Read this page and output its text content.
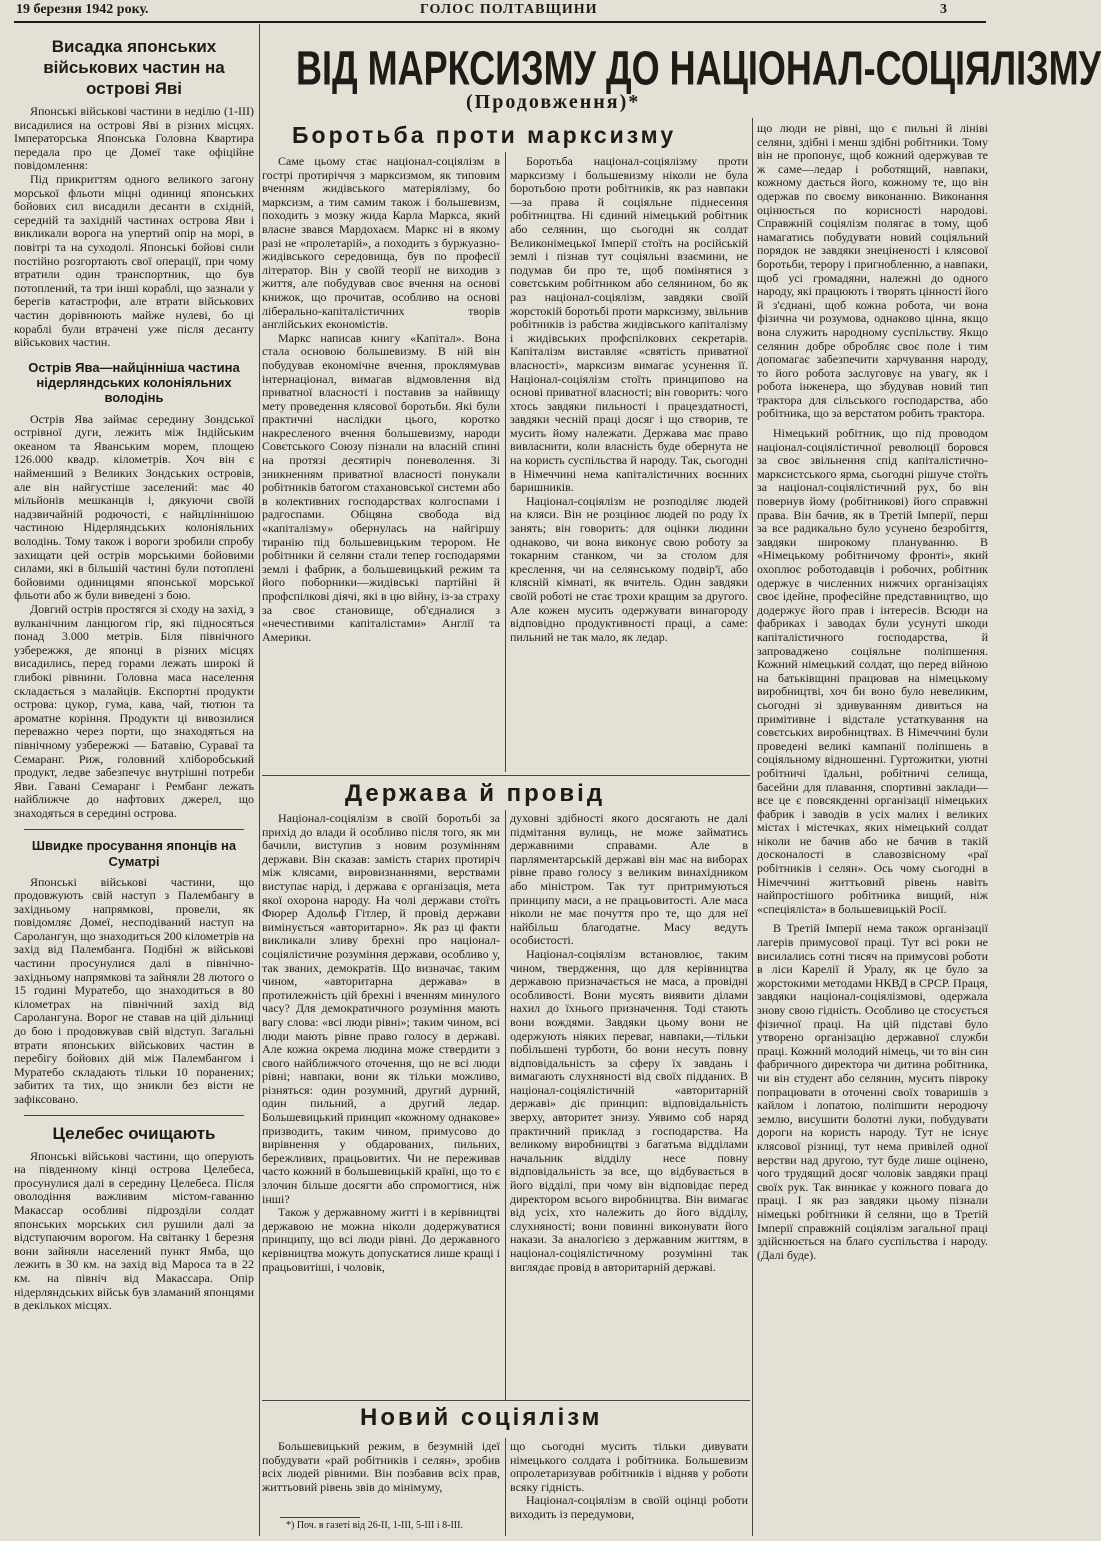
19 березня 1942 року.	ГОЛОС ПОЛТАВЩИНИ	3
Висадка японських військових частин на острові Яві

Японські військові частини в неділю (1-ІІІ) висадилися на острові Яві в різних місцях. Імператорська Японська Головна Квартира передала про це Домеї таке офіційне повідомлення:

Під прикриттям одного великого загону морської фльоти міцні одиниці японських бойових сил висадили десанти в східній, середній та західній частинах острова Яви і викликали ворога на упертий опір на морі, в повітрі та на суходолі. Японські бойові сили постійно розгортають свої операції, при чому втратили один транспортник, що був потоплений, та три інші кораблі, що зазнали у берегів катастрофи, але втрати військових частин дорівнюють майже нулеві, бо ці кораблі були втрачені уже після десанту військових частин.

Острів Ява—найцінніша частина нідерляндських колоніяльних володінь

Острів Ява займає середину Зондської острівної дуги, лежить між Індійським океаном та Яванським морем, площею 126.000 квадр. кілометрів. Хоч він є найменший з Великих Зондських островів, але він найгустіше заселений: має 40 мільйонів мешканців і, дякуючи своїй надзвичайній родючості, є найцліннішою частиною Нідерляндських колоніяльних володінь. Тому також і вороги зробили спробу захищати цей острів морськими бойовими силами, які в більшій частині були потоплені бойовими одиницями японської морської фльоти або ж були виведені з бою.

Довгий острів простягся зі сходу на захід, з вулканічним ланцюгом гір, які підносяться понад 3.000 метрів. Біля північного узбережжя, де японці в різних місцях висадились, перед горами лежать широкі й глибокі рівнини. Головна маса населення складається з малайців. Експортні продукти острова: цукор, гума, кава, чай, тютюн та ароматне коріння. Продукти ці вивозилися переважно через порти, що знаходяться на північному узбережжі — Батавію, Сураваї та Семаранг. Риж, головний хліборобський продукт, ледве забезпечує внутрішні потреби Яви. Гавані Семаранг і Рембанг лежать найближче до нафтових джерел, що знаходяться в середині острова.

Швидке просування японців на Суматрі

Японські військові частини, що продовжують свій наступ з Палембангу в західньому напрямкові, провели, як повідомляє Домеї, несподіваний наступ на Саролангун, що знаходиться 200 кілометрів на захід від Палембанга. Подібні ж військові частини просунулися далі в північно-західньому напрямкові та зайняли 28 лютого о 15 годині Муратебо, що знаходиться в 80 кілометрах на північний захід від Саролангуна. Ворог не ставав на цій дільниці до бою і продовжував свій відступ. Загальні втрати японських військових частин в перебігу бойових дій між Палембангом і Муратебо складають тільки 10 поранених; забитих та тих, що зникли без вісти не зафіксовано.

Целебес очищають

Японські військові частини, що оперують на південному кінці острова Целебеса, просунулися далі в середину Целебеса. Після оволодіння важливим містом-гаванню Макассар особливі підрозділи солдат японських морських сил рушили далі за відступаючим ворогом. На світанку 1 березня вони зайняли населений пункт Ямба, що лежить в 30 км. на захід від Мароса та в 22 км. на північ від Макассара. Опір нідерляндських військ був зламаний японцями в декількох місцях.

ВІД МАРКСИЗМУ ДО НАЦІОНАЛ-СОЦІЯЛІЗМУ
(Продовження)*
Боротьба проти марксизму

Саме цьому стає націонал-соціялізм в гострі протиріччя з марксизмом, як типовим вченням жидівського матеріялізму, бо марксизм, а тим самим також і большевизм, походить з мозку жида Карла Маркса, який власне звався Мардохаєм. Маркс ні в якому разі не «пролетарій», а походить з буржуазно-жидівського середовища, був по професії літератор. Він у своїй теорії не виходив з життя, але побудував своє вчення на основі книжок, що прочитав, особливо на основі ліберально-капіталістичних творів англійських економістів.

Маркс написав книгу «Капітал». Вона стала основою большевизму. В ній він побудував економічне вчення, проклямував інтернаціонал, вимагав відмовлення від приватної власності і поставив за найвищу мету проведення клясової боротьби. Які були практичні наслідки цього, коротко накресленого вчення большевизму, народи Совєтського Союзу пізнали на власній спині на протязі десятиріч поневолення. Зі зникненням приватної власності понукали робітників батогом стахановської системи або в колективних господарствах колгоспами і радгоспами. Обіцяна свобода від «капіталізму» обернулась на найгіршу тиранію під большевицьким терором. Не робітники й селяни стали тепер господарями землі і фабрик, а большевицький режим та його поборники—жидівські партійні й профспілкові діячі, які в цю війну, із-за страху за своє становище, об'єдналися з «нечестивими капіталістами» Англії та Америки.

Боротьба націонал-соціялізму проти марксизму і большевизму ніколи не була боротьбою проти робітників, як раз навпаки—за права й соціяльне піднесення робітництва. Ні єдиний німецький робітник або селянин, що сьогодні як солдат Великонімецької Імперії стоїть на російській землі і пізнав тут соціяльні взаємини, не подумав би про те, щоб помінятися з совєтським робітником або селянином, бо як раз націонал-соціялізм, завдяки своїй жорстокій боротьбі проти марксизму, звільнив робітників із рабства жидівського капіталізму і жидівських профспілкових секретарів. Капіталізм виставляє «святість приватної власності», марксизм вимагає усунення її. Націонал-соціялізм стоїть принципово на основі приватної власності; він говорить: чого хтось завдяки пильності і працездатності, завдяки чесній праці досяг і що створив, те мусить йому належати. Держава має право вивласнити, коли власність буде обернута не на користь суспільства й народу. Так, сьогодні в Німеччині нема капіталістичних воєнних баришників.

Націонал-соціялізм не розподіляє людей на кляси. Він не розцінює людей по роду їх занять; він говорить: для оцінки людини однаково, чи вона виконує свою роботу за токарним станком, чи за столом для креслення, чи на селянському подвір'ї, або клясній кімнаті, як вчитель. Один завдяки своїй роботі не стає трохи кращим за другого. Але кожен мусить одержувати винагороду відповідно продуктивності праці, а саме: пильний не так мало, як ледар.

що люди не рівні, що є пильні й лініві селяни, здібні і менш здібні робітники. Тому він не пропонує, щоб кожний одержував те ж саме—ледар і роботящий, навпаки, кожному дається його, кожному те, що він одержав по своєму виконанню. Виконання оцінюється по корисності народові. Справжній соціялізм полягає в тому, щоб намагатись побудувати новий соціяльний порядок не завдяки знеціненості і клясової боротьби, терору і пригнобленню, а навпаки, щоб усі громадяни, належні до одного народу, які працюють і творять цінності його й з'єднані, щоб кожна робота, чи вона фізична чи розумова, однаково цінна, якщо вона служить народному суспільству. Якщо селянин добре обробляє своє поле і тим допомагає забезпечити харчування народу, то його робота заслуговує на увагу, як і робота інженера, що збудував новий тип трактора для сільського господарства, або робітника, що за верстатом робить трактора.

Німецький робітник, що під проводом націонал-соціялістичної революції боровся за своє звільнення спід капіталістично-марксистського ярма, сьогодні рішуче стоїть за націонал-соціялістичний рух, бо він повернув йому (робітникові) його справжні права. Він бачив, як в Третій Імперії, перш за все радикально було усунено безробіття, завдяки широкому плануванню. В «Німецькому робітничому фронті», який охоплює роботодавців і робочих, робітник одержує в численних нижчих організаціях своє ідейне, професійне представництво, що додержує його прав і інтересів. Всюди на фабриках і заводах були усунуті шкоди капіталістичного господарства, й запроваджено соціяльне поліпшення. Кожний німецький солдат, що перед війною на батьківщині працював на німецькому виробництві, хоч би воно було невеликим, сьогодні зі здивуванням дивиться на примітивне і відстале устаткування на совєтських виробництвах. В Німеччині були проведені великі кампанії поліпшень в соціяльному відношенні. Гуртожитки, уютні робітничі їдальні, робітничі селища, басейни для плавання, спортивні заклади—все це є повсякденні організації німецьких фабрик і заводів в усіх малих і великих містах і містечках, яких німецький солдат ніколи не бачив або не бачив в такій досконалості в славозвісному «раї робітників і селян». Ось чому сьогодні в Німеччині життьовий рівень навіть найпростішого робітника вищий, ніж «спеціяліста» в большевицькій Росії.

В Третій Імперії нема також організації лагерів примусової праці. Тут всі роки не висилались сотні тисяч на примусові роботи в ліси Карелії й Уралу, як це було за жорстокими методами НКВД в СРСР. Праця, завдяки націонал-соціялізмові, одержала знову свою гідність. Особливо це стосується фізичної праці. На цій підставі було утворено організацію державної служби праці. Кожний молодий німець, чи то він син фабричного директора чи дитина робітника, чи він студент або селянин, мусить півроку попрацювати в оточенні своїх товаришів з кайлом і лопатою, поліпшити неродючу землю, висушити болотні луки, побудувати дороги на користь народу. Тут не існує клясової різниці, тут нема привілей одної верстви над другою, тут буде лише оцінено, чого трудящий досяг чоловік завдяки праці своїх рук. Так виникає у кожного повага до праці. І як раз завдяки цьому пізнали німецькі робітники й селяни, що в Третій Імперії справжній соціялізм загальної праці здійснюється на благо суспільства і народу. (Далі буде).

Держава й провід

Націонал-соціялізм в своїй боротьбі за прихід до влади й особливо після того, як ми бачили, виступив з новим розумінням держави. Він сказав: замість старих протиріч між клясами, вировизнаннями, верствами виступає нарід, і держава є організація, мета якої охорона народу. На чолі держави стоїть Фюрер Адольф Гітлер, й провід держави вимінується «авторитарно». Як раз ці факти викликали зливу брехні про націонал-соціялістичне розуміння держави, особливо у, так званих, демократів. Що визначає, таким чином, «авторитарна держава» в протилежність цій брехні і вченням минулого часу? Для демократичного розуміння мають вагу слова: «всі люди рівні»; таким чином, всі люди мають рівне право голосу в державі. Але кожна окрема людина може ствердити з свого найближчого оточення, що не всі люди рівні; навпаки, вони як тільки можливо, різняться: один розумний, другий дурний, один пильний, а другий ледар. Большевицький принцип «кожному однакове» призводить, таким чином, примусово до вирівнення у обдарованих, пильних, бережливих, працьовитих. Чи не переживав часто кожний в большевицькій країні, що то є злочин більше досягти або спромогтися, ніж інші?

Також у державному житті і в керівництві державою не можна ніколи додержуватися принципу, що всі люди рівні. До державного керівництва можуть допускатися лише кращі і працьовитіші, і чоловік,

духовні здібності якого досягають не далі підмітання вулиць, не може займатись державними справами. Але в парляментарській державі він має на виборах рівне право голосу з великим винахідником або міністром. Так тут притримуються принципу маси, а не працьовитості. Але маса ніколи не має почуття про те, що для неї найбільш благодатне. Масу ведуть особистості.

Націонал-соціялізм встановлює, таким чином, твердження, що для керівництва державою призначається не маса, а провідні особливості. Вони мусять виявити ділами нахил до їхнього призначення. Тоді стають вони вождями. Завдяки цьому вони не одержують ніяких переваг, навпаки,—тільки побільшені турботи, бо вони несуть повну відповідальність за сферу їх завдань і вимагають слухняності від своїх піддaних. В націонал-соціялістичній «авторитарній державі» діє принцип: відповідальність зверху, авторитет знизу. Уявимо соб наряд практичний приклад з господарства. На великому виробництві з багатьма відділами начальник відділу несе повну відповідальність за все, що відбувається в його відділі, при чому він відповідає перед директором всього виробництва. Він вимагає від усіх, хто належить до його відділу, слухняності; вони повинні виконувати його накази. За аналогією з державним життям, в націонал-соціялістичному розумінні так виглядає провід в авторитарній державі.

Новий соціялізм

Большевицький режим, в безумній ідеї побудувати «рай робітників і селян», зробив всіх людей рівними. Він позбавив всіх прав, життьовий рівень звів до мінімуму,

що сьогодні мусить тільки дивувати німецького солдата і робітника. Большевизм опролетаризував робітників і відняв у роботи всяку гідність.

Націонал-соціялізм в своїй оцінці роботи виходить із передумови,

*) Поч. в газеті від 26-ІІ, 1-ІІІ, 5-ІІІ і 8-ІІІ.
